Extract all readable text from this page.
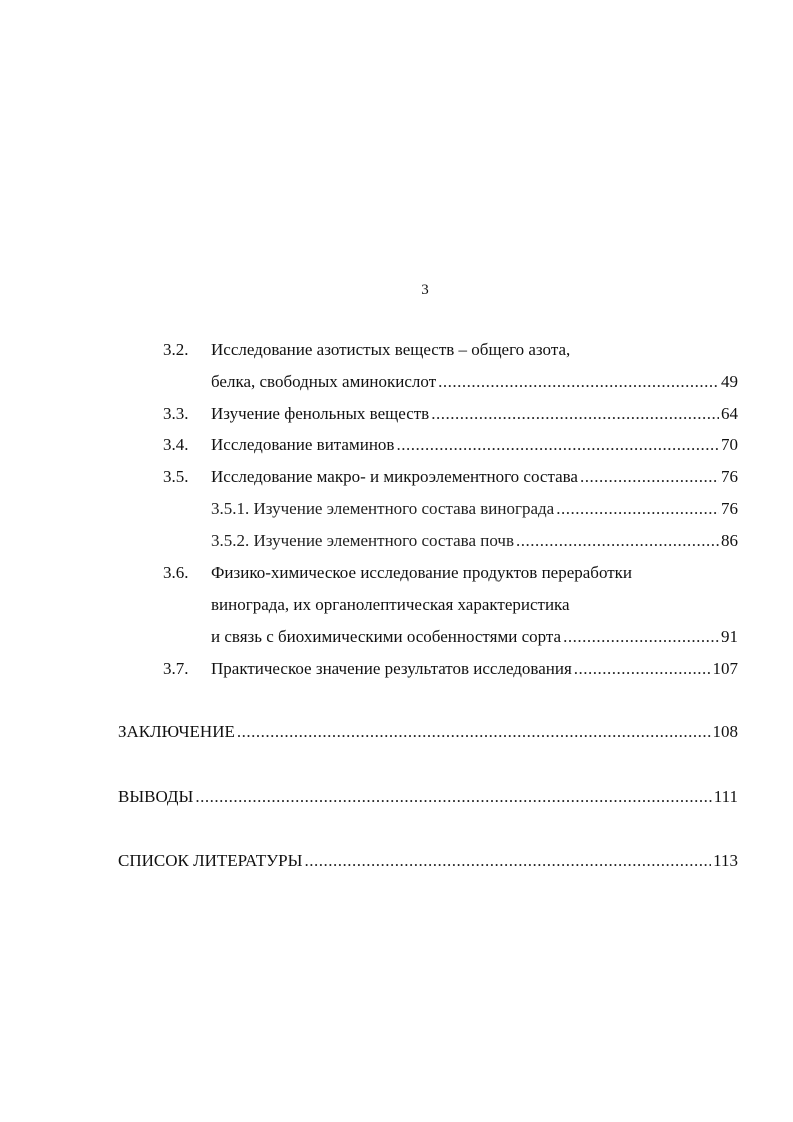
3
3.2.	Исследование азотистых веществ – общего азота,
белка, свободных аминокислот .....	49
3.3.	Изучение фенольных веществ .....	64
3.4.	Исследование витаминов .....	70
3.5.	Исследование макро- и микроэлементного состава .....	76
3.5.1. Изучение элементного состава винограда .....	76
3.5.2. Изучение элементного состава почв .....	86
3.6.	Физико-химическое исследование продуктов переработки
винограда, их органолептическая характеристика
и связь с биохимическими особенностями сорта .....	91
3.7.	Практическое значение результатов исследования .....	107
ЗАКЛЮЧЕНИЕ .....	108
ВЫВОДЫ .....	111
СПИСОК ЛИТЕРАТУРЫ .....	113
